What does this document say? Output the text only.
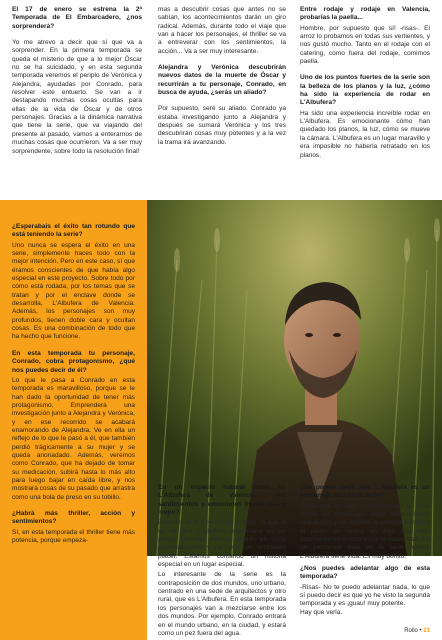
El 17 de enero se estrena la 2ª Temporada de El Embarcadero, ¿nos sorprenderá?

Yo me atrevo a decir que sí que va a sorprender. En la primera temporada se queda el misterio de que a lo mejor Óscar no se ha suicidado, y en esta segunda temporada veremos el periplo de Verónica y Alejandra, ayudadas por Conrado, para resolver este entuerto. Se van a ir destapando muchas cosas ocultas para ellas de la vida de Óscar y de otros personajes. Gracias a la dinámica narrativa que tiene la serie, que va viajando del presente al pasado, vamos a enterarnos de muchas cosas que ocurrieron. Va a ser muy sorprendente, sobre todo la resolución final!

mas a descubrir cosas que antes no se sabían, los acontecimientos darán un giro radical. Además, durante todo el viaje que van a hacer los personajes, el thriller se va a entreverar con los sentimientos, la acción... Va a ser muy interesante.

Alejandra y Verónica descubrirán nuevos datos de la muerte de Óscar y recurrirán a tu personaje, Conrado, en busca de ayuda, ¿serás un aliado?

Por supuesto, seré su aliado. Conrado ya estaba investigando junto a Alejandra y después se sumará Verónica y los tres descubrirán cosas muy potentes y a la vez la trama irá avanzando.

Entre rodaje y rodaje en Valencia, probarías la paella...

Hombre, por supuesto que sí! -risas-. El arroz lo probamos en todas sus vertientes, y nos gustó mucho. Tanto en el rodaje con el catering, como fuera del rodaje, comimos paella.

Uno de los puntos fuertes de la serie son la belleza de los planos y la luz, ¿cómo ha sido la experiencia de rodar en L'Albufera?

Ha sido una experiencia increíble rodar en L'Albufera. Es emocionante cómo han quedado los planos, la luz, cómo se mueve la cámara. L'Albufera es un lugar maravillo y era imposible no haberla retratado en los planos.

¿Esperabais el éxito tan rotundo que está teniendo la serie?

Uno nunca se espera el éxito en una serie, simplemente haces todo con la mejor intención. Pero en este caso, sí que éramos conscientes de que había algo especial en este proyecto. Sobre todo por cómo está rodada, por los temas que se tratan y por el enclave donde se desarrolla, L'Albufera de Valencia. Además, los personajes son muy profundos, tienen doble cara y ocultan cosas. Es una combinación de todo que ha hecho que funcione.

En esta temporada tu personaje, Conrado, cobra protagonismo, ¿qué nos puedes decir de él?

Lo que le pasa a Conrado en esta temporada es maravilloso, porque se le han dado la oportunidad de tener más protagonismo. Emprenderá una investigación junto a Alejandra y Verónica, y en ese recorrido se acabará enamorando de Alejandra. Ve en ella un reflejo de lo que le pasó a él, que también perdió trágicamente a su mujer y se queda anonadado. Además, veremos como Conrado, que ha dejado de tomar su medicación, subirá hasta lo más alto para luego bajar en caída libre, y nos mostrará cosas de su pasado que arrastra como una bola de preso en su tobillo.

¿Habrá más thriller, acción y sentimientos?

Sí, en esta temporada el thriller tiene más potencia, porque empeza-

En un espacio natural como es L'Albufera de Valencia, ¿los sentimientos y emociones fluyen más y mejor?

Pues no sé si fluyen más y mejor, lo que sí se es que L'Albufera valenciana es un paraje increíble. Hemos rodado en sitios espectaculares y ha sido un verdadero placer. Estamos contando un historia especial en un lugar especial.

Lo interesante de la serie es la contraposición de dos mundos, uno urbano, centrado en una sede de arquitectos y otro rural, que es L'Albufera. En esta temporada los personajes van a mezclarse entre los dos mundos. Por ejemplo, Conrado entrará en el mundo urbano, en la ciudad, y estará como un pez fuera del agua.

¿Se podría decir que L'Albufera es un personaje más en la serie?

Claro que sí, hay momentos en la serie donde los personajes están desarrollando una acción y de repente la cámara cambia y el plano se centra en algo que está ocurriendo en directo entre la naturaleza. Es un personaje más en la serie porque L'Albufera tiene vida. Es muy bonito.

¿Nos puedes adelantar algo de esta temporada?

-Risas- No te puedo adelantar nada, lo que sí puedo decir es que yo he visto la segunda temporada y es ¡guau! muy potente.

Hay que verla.

Rollo • 21
